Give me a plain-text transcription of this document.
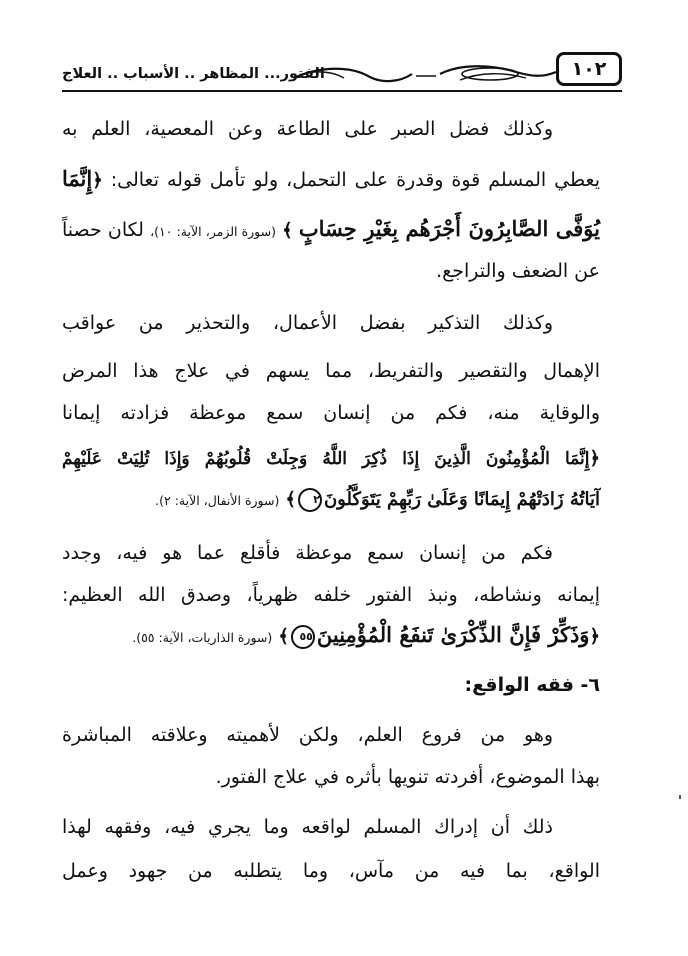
١٠٢
الفتور... المظاهر .. الأسباب .. العلاج
وكذلك فضل الصبر على الطاعة وعن المعصية، العلم به
يعطي المسلم قوة وقدرة على التحمل، ولو تأمل قوله تعالى: ﴿إِنَّمَا
يُوَفَّى الصَّابِرُونَ أَجْرَهُم بِغَيْرِ حِسَابٍ ﴾ (سورة الزمر، الآية: ١٠)، لكان حصناً
عن الضعف والتراجع.
وكذلك التذكير بفضل الأعمال، والتحذير من عواقب
الإهمال والتقصير والتفريط، مما يسهم في علاج هذا المرض
والوقاية منه، فكم من إنسان سمع موعظة فزادته إيمانا
﴿إِنَّمَا الْمُؤْمِنُونَ الَّذِينَ إِذَا ذُكِرَ اللَّهُ وَجِلَتْ قُلُوبُهُمْ وَإِذَا تُلِيَتْ عَلَيْهِمْ
آيَاتُهُ زَادَتْهُمْ إِيمَانًا وَعَلَىٰ رَبِّهِمْ يَتَوَكَّلُونَ٢﴾ (سورة الأنفال، الآية: ٢).
فكم من إنسان سمع موعظة فأقلع عما هو فيه، وجدد
إيمانه ونشاطه، ونبذ الفتور خلفه ظهرياً، وصدق الله العظيم:
﴿وَذَكِّرْ فَإِنَّ الذِّكْرَىٰ تَنفَعُ الْمُؤْمِنِينَ٥٥﴾ (سورة الذاريات، الآية: ٥٥).
٦- فقه الواقع:
وهو من فروع العلم، ولكن لأهميته وعلاقته المباشرة
بهذا الموضوع، أفردته تنويها بأثره في علاج الفتور.
ذلك أن إدراك المسلم لواقعه وما يجري فيه، وفقهه لهذا
الواقع، بما فيه من مآس، وما يتطلبه من جهود وعمل
